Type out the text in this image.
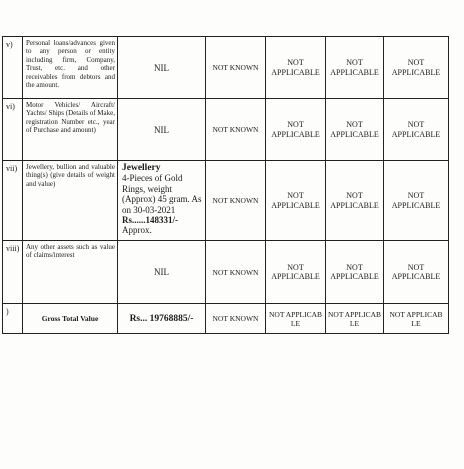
v)	Personal loans/advances given to any person or entity including firm, Company, Trust, etc. and other receivables from debtors and the amount.	NIL	NOT KNOWN	NOT APPLICABLE	NOT APPLICABLE	NOT APPLICABLE
vi)	Motor Vehicles/ Aircraft/ Yachts/ Ships (Details of Make, registration Number etc., year of Purchase and amount)	NIL	NOT KNOWN	NOT APPLICABLE	NOT APPLICABLE	NOT APPLICABLE
vii)	Jewellery, bullion and valuable thing(s) (give details of weight and value)	Jewellery
4-Pieces of Gold Rings, weight (Approx) 45 gram. As on 30-03-2021
Rs......148331/-
Approx.	NOT KNOWN	NOT APPLICABLE	NOT APPLICABLE	NOT APPLICABLE
viii)	Any other assets such as value of claims/interest	NIL	NOT KNOWN	NOT APPLICABLE	NOT APPLICABLE	NOT APPLICABLE
)	Gross Total Value	Rs... 19768885/-	NOT KNOWN	NOT APPLICAB LE	NOT APPLICAB LE	NOT APPLICAB LE
